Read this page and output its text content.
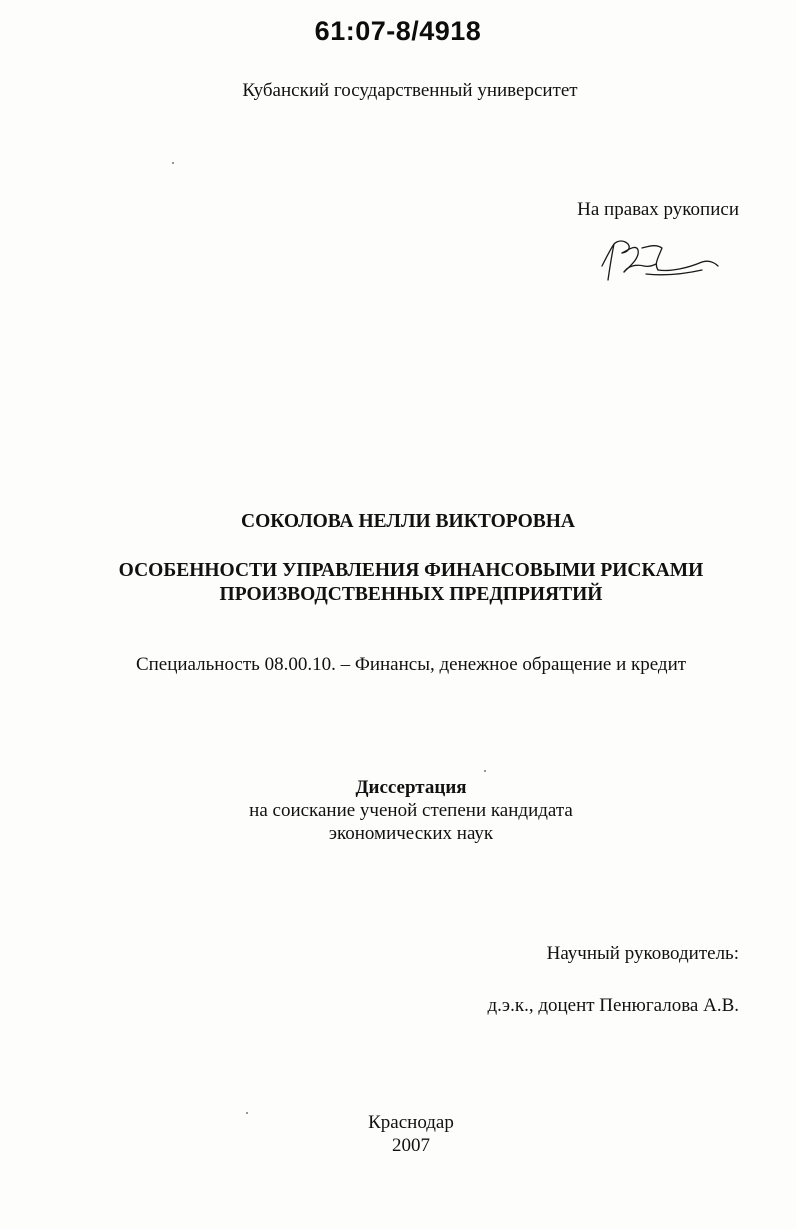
61:07-8/4918
Кубанский государственный университет
На правах рукописи
СОКОЛОВА НЕЛЛИ ВИКТОРОВНА
ОСОБЕННОСТИ УПРАВЛЕНИЯ ФИНАНСОВЫМИ РИСКАМИ
ПРОИЗВОДСТВЕННЫХ ПРЕДПРИЯТИЙ
Специальность 08.00.10. – Финансы, денежное обращение и кредит
Диссертация
на соискание ученой степени кандидата
экономических наук
Научный руководитель:
д.э.к., доцент Пенюгалова А.В.
Краснодар
2007
